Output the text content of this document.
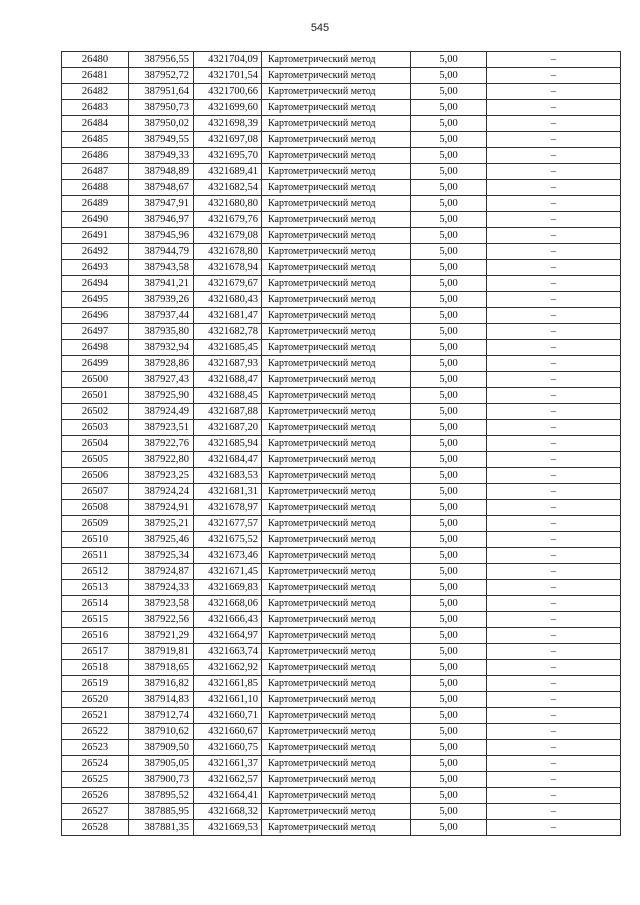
545
26480	387956,55	4321704,09	Картометрический метод	5,00	–
26481	387952,72	4321701,54	Картометрический метод	5,00	–
26482	387951,64	4321700,66	Картометрический метод	5,00	–
26483	387950,73	4321699,60	Картометрический метод	5,00	–
26484	387950,02	4321698,39	Картометрический метод	5,00	–
26485	387949,55	4321697,08	Картометрический метод	5,00	–
26486	387949,33	4321695,70	Картометрический метод	5,00	–
26487	387948,89	4321689,41	Картометрический метод	5,00	–
26488	387948,67	4321682,54	Картометрический метод	5,00	–
26489	387947,91	4321680,80	Картометрический метод	5,00	–
26490	387946,97	4321679,76	Картометрический метод	5,00	–
26491	387945,96	4321679,08	Картометрический метод	5,00	–
26492	387944,79	4321678,80	Картометрический метод	5,00	–
26493	387943,58	4321678,94	Картометрический метод	5,00	–
26494	387941,21	4321679,67	Картометрический метод	5,00	–
26495	387939,26	4321680,43	Картометрический метод	5,00	–
26496	387937,44	4321681,47	Картометрический метод	5,00	–
26497	387935,80	4321682,78	Картометрический метод	5,00	–
26498	387932,94	4321685,45	Картометрический метод	5,00	–
26499	387928,86	4321687,93	Картометрический метод	5,00	–
26500	387927,43	4321688,47	Картометрический метод	5,00	–
26501	387925,90	4321688,45	Картометрический метод	5,00	–
26502	387924,49	4321687,88	Картометрический метод	5,00	–
26503	387923,51	4321687,20	Картометрический метод	5,00	–
26504	387922,76	4321685,94	Картометрический метод	5,00	–
26505	387922,80	4321684,47	Картометрический метод	5,00	–
26506	387923,25	4321683,53	Картометрический метод	5,00	–
26507	387924,24	4321681,31	Картометрический метод	5,00	–
26508	387924,91	4321678,97	Картометрический метод	5,00	–
26509	387925,21	4321677,57	Картометрический метод	5,00	–
26510	387925,46	4321675,52	Картометрический метод	5,00	–
26511	387925,34	4321673,46	Картометрический метод	5,00	–
26512	387924,87	4321671,45	Картометрический метод	5,00	–
26513	387924,33	4321669,83	Картометрический метод	5,00	–
26514	387923,58	4321668,06	Картометрический метод	5,00	–
26515	387922,56	4321666,43	Картометрический метод	5,00	–
26516	387921,29	4321664,97	Картометрический метод	5,00	–
26517	387919,81	4321663,74	Картометрический метод	5,00	–
26518	387918,65	4321662,92	Картометрический метод	5,00	–
26519	387916,82	4321661,85	Картометрический метод	5,00	–
26520	387914,83	4321661,10	Картометрический метод	5,00	–
26521	387912,74	4321660,71	Картометрический метод	5,00	–
26522	387910,62	4321660,67	Картометрический метод	5,00	–
26523	387909,50	4321660,75	Картометрический метод	5,00	–
26524	387905,05	4321661,37	Картометрический метод	5,00	–
26525	387900,73	4321662,57	Картометрический метод	5,00	–
26526	387895,52	4321664,41	Картометрический метод	5,00	–
26527	387885,95	4321668,32	Картометрический метод	5,00	–
26528	387881,35	4321669,53	Картометрический метод	5,00	–
